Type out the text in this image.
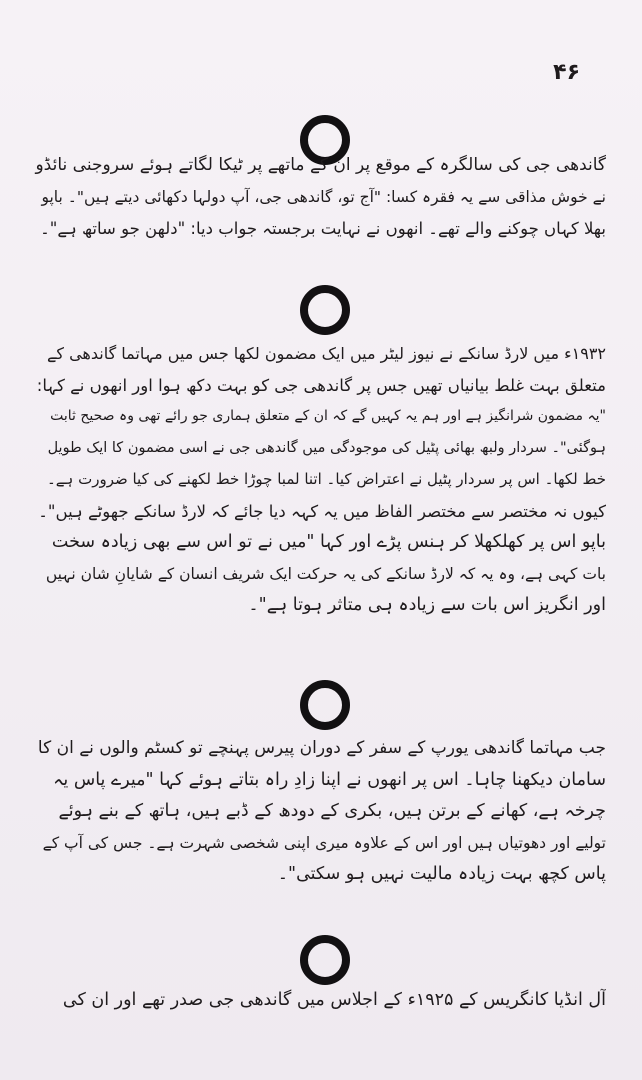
۴۶
گاندھی جی کی سالگرہ کے موقع پر ان کے ماتھے پر ٹیکا لگاتے ہوئے سروجنی نائڈو
نے خوش مذاقی سے یہ فقرہ کسا: "آج تو، گاندھی جی، آپ دولہا دکھائی دیتے ہیں"۔ باپو
بھلا کہاں چوکنے والے تھے۔ انھوں نے نہایت برجستہ جواب دیا: "دلھن جو ساتھ ہے"۔
۱۹۳۲ء میں لارڈ سانکے نے نیوز لیٹر میں ایک مضمون لکھا جس میں مہاتما گاندھی کے
متعلق بہت غلط بیانیاں تھیں جس پر گاندھی جی کو بہت دکھ ہوا اور انھوں نے کہا:
"یہ مضمون شرانگیز ہے اور ہم یہ کہیں گے کہ ان کے متعلق ہماری جو رائے تھی وہ صحیح ثابت
ہوگئی"۔ سردار ولبھ بھائی پٹیل کی موجودگی میں گاندھی جی نے اسی مضمون کا ایک طویل
خط لکھا۔ اس پر سردار پٹیل نے اعتراض کیا۔ اتنا لمبا چوڑا خط لکھنے کی کیا ضرورت ہے۔
کیوں نہ مختصر سے مختصر الفاظ میں یہ کہہ دیا جائے کہ لارڈ سانکے جھوٹے ہیں"۔
باپو اس پر کھلکھلا کر ہنس پڑے اور کہا "میں نے تو اس سے بھی زیادہ سخت
بات کہی ہے، وہ یہ کہ لارڈ سانکے کی یہ حرکت ایک شریف انسان کے شایانِ شان نہیں
اور انگریز اس بات سے زیادہ ہی متاثر ہوتا ہے"۔
جب مہاتما گاندھی یورپ کے سفر کے دوران پیرس پہنچے تو کسٹم والوں نے ان کا
سامان دیکھنا چاہا۔ اس پر انھوں نے اپنا زادِ راہ بتاتے ہوئے کہا "میرے پاس یہ
چرخہ ہے، کھانے کے برتن ہیں، بکری کے دودھ کے ڈبے ہیں، ہاتھ کے بنے ہوئے
تولیے اور دھوتیاں ہیں اور اس کے علاوہ میری اپنی شخصی شہرت ہے۔ جس کی آپ کے
پاس کچھ بہت زیادہ مالیت نہیں ہو سکتی"۔
آل انڈیا کانگریس کے ۱۹۲۵ء کے اجلاس میں گاندھی جی صدر تھے اور ان کی
